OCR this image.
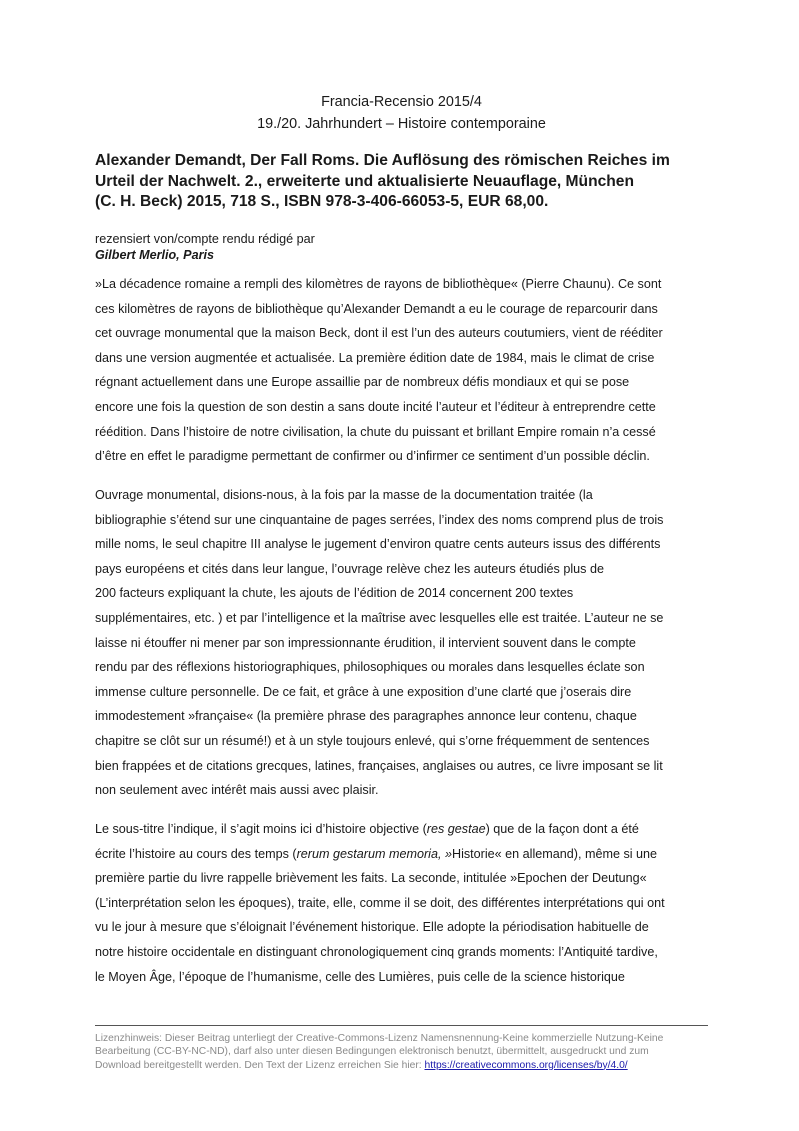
Francia-Recensio 2015/4
19./20. Jahrhundert – Histoire contemporaine
Alexander Demandt, Der Fall Roms. Die Auflösung des römischen Reiches im
Urteil der Nachwelt. 2., erweiterte und aktualisierte Neuauflage, München
(C. H. Beck) 2015, 718 S., ISBN 978-3-406-66053-5, EUR 68,00.
rezensiert von/compte rendu rédigé par
Gilbert Merlio, Paris
»La décadence romaine a rempli des kilomètres de rayons de bibliothèque« (Pierre Chaunu). Ce sont
ces kilomètres de rayons de bibliothèque qu’Alexander Demandt a eu le courage de reparcourir dans
cet ouvrage monumental que la maison Beck, dont il est l’un des auteurs coutumiers, vient de rééditer
dans une version augmentée et actualisée. La première édition date de 1984, mais le climat de crise
régnant actuellement dans une Europe assaillie par de nombreux défis mondiaux et qui se pose
encore une fois la question de son destin a sans doute incité l’auteur et l’éditeur à entreprendre cette
réédition. Dans l’histoire de notre civilisation, la chute du puissant et brillant Empire romain n’a cessé
d’être en effet le paradigme permettant de confirmer ou d’infirmer ce sentiment d’un possible déclin.
Ouvrage monumental, disions-nous, à la fois par la masse de la documentation traitée (la
bibliographie s’étend sur une cinquantaine de pages serrées, l’index des noms comprend plus de trois
mille noms, le seul chapitre III analyse le jugement d’environ quatre cents auteurs issus des différents
pays européens et cités dans leur langue, l’ouvrage relève chez les auteurs étudiés plus de
200 facteurs expliquant la chute, les ajouts de l’édition de 2014 concernent 200 textes
supplémentaires, etc. ) et par l’intelligence et la maîtrise avec lesquelles elle est traitée. L’auteur ne se
laisse ni étouffer ni mener par son impressionnante érudition, il intervient souvent dans le compte
rendu par des réflexions historiographiques, philosophiques ou morales dans lesquelles éclate son
immense culture personnelle. De ce fait, et grâce à une exposition d’une clarté que j’oserais dire
immodestement »française« (la première phrase des paragraphes annonce leur contenu, chaque
chapitre se clôt sur un résumé!) et à un style toujours enlevé, qui s’orne fréquemment de sentences
bien frappées et de citations grecques, latines, françaises, anglaises ou autres, ce livre imposant se lit
non seulement avec intérêt mais aussi avec plaisir.
Le sous-titre l’indique, il s’agit moins ici d’histoire objective (res gestae) que de la façon dont a été
écrite l’histoire au cours des temps (rerum gestarum memoria, »Historie« en allemand), même si une
première partie du livre rappelle brièvement les faits. La seconde, intitulée »Epochen der Deutung«
(L’interprétation selon les époques), traite, elle, comme il se doit, des différentes interprétations qui ont
vu le jour à mesure que s’éloignait l’événement historique. Elle adopte la périodisation habituelle de
notre histoire occidentale en distinguant chronologiquement cinq grands moments: l’Antiquité tardive,
le Moyen Âge, l’époque de l’humanisme, celle des Lumières, puis celle de la science historique
Lizenzhinweis: Dieser Beitrag unterliegt der Creative-Commons-Lizenz Namensnennung-Keine kommerzielle Nutzung-Keine
Bearbeitung (CC-BY-NC-ND), darf also unter diesen Bedingungen elektronisch benutzt, übermittelt, ausgedruckt und zum
Download bereitgestellt werden. Den Text der Lizenz erreichen Sie hier: https://creativecommons.org/licenses/by/4.0/
